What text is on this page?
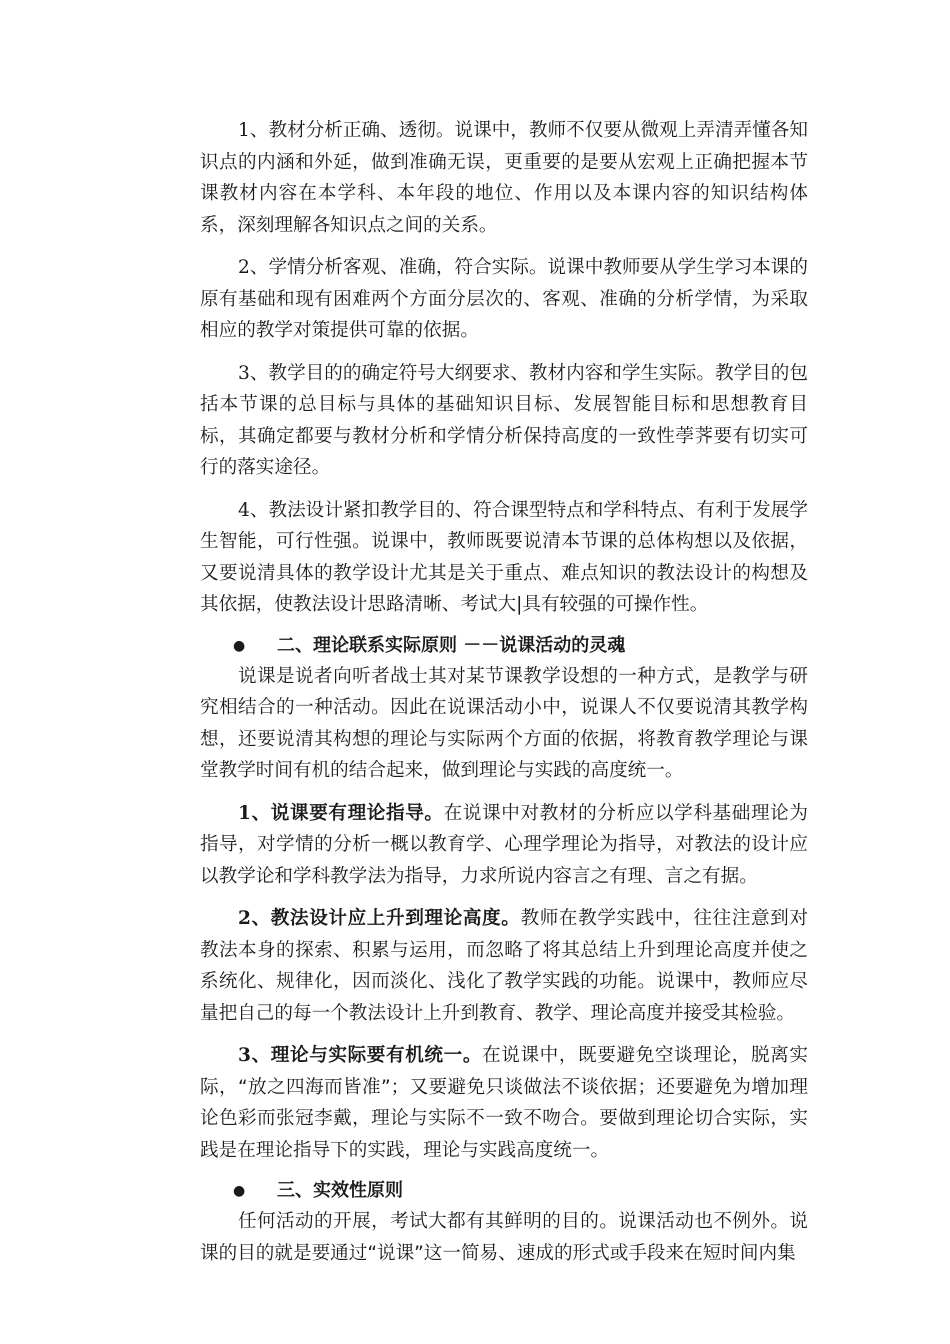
1、教材分析正确、透彻。说课中，教师不仅要从微观上弄清弄懂各知识点的内涵和外延，做到准确无误，更重要的是要从宏观上正确把握本节课教材内容在本学科、本年段的地位、作用以及本课内容的知识结构体系，深刻理解各知识点之间的关系。

2、学情分析客观、准确，符合实际。说课中教师要从学生学习本课的原有基础和现有困难两个方面分层次的、客观、准确的分析学情，为采取相应的教学对策提供可靠的依据。

3、教学目的的确定符号大纲要求、教材内容和学生实际。教学目的包括本节课的总目标与具体的基础知识目标、发展智能目标和思想教育目标，其确定都要与教材分析和学情分析保持高度的一致性荸荠要有切实可行的落实途径。

4、教法设计紧扣教学目的、符合课型特点和学科特点、有利于发展学生智能，可行性强。说课中，教师既要说清本节课的总体构想以及依据，又要说清具体的教学设计尤其是关于重点、难点知识的教法设计的构想及其依据，使教法设计思路清晰、考试大|具有较强的可操作性。

● 二、理论联系实际原则 －－说课活动的灵魂

说课是说者向听者战士其对某节课教学设想的一种方式，是教学与研究相结合的一种活动。因此在说课活动小中，说课人不仅要说清其教学构想，还要说清其构想的理论与实际两个方面的依据，将教育教学理论与课堂教学时间有机的结合起来，做到理论与实践的高度统一。

1、说课要有理论指导。在说课中对教材的分析应以学科基础理论为指导，对学情的分析一概以教育学、心理学理论为指导，对教法的设计应以教学论和学科教学法为指导，力求所说内容言之有理、言之有据。

2、教法设计应上升到理论高度。教师在教学实践中，往往注意到对教法本身的探索、积累与运用，而忽略了将其总结上升到理论高度并使之系统化、规律化，因而淡化、浅化了教学实践的功能。说课中，教师应尽量把自己的每一个教法设计上升到教育、教学、理论高度并接受其检验。

3、理论与实际要有机统一。在说课中，既要避免空谈理论，脱离实际，“放之四海而皆准”；又要避免只谈做法不谈依据；还要避免为增加理论色彩而张冠李戴，理论与实际不一致不吻合。要做到理论切合实际，实践是在理论指导下的实践，理论与实践高度统一。

● 三、实效性原则

任何活动的开展，考试大都有其鲜明的目的。说课活动也不例外。说课的目的就是要通过“说课”这一简易、速成的形式或手段来在短时间内集
